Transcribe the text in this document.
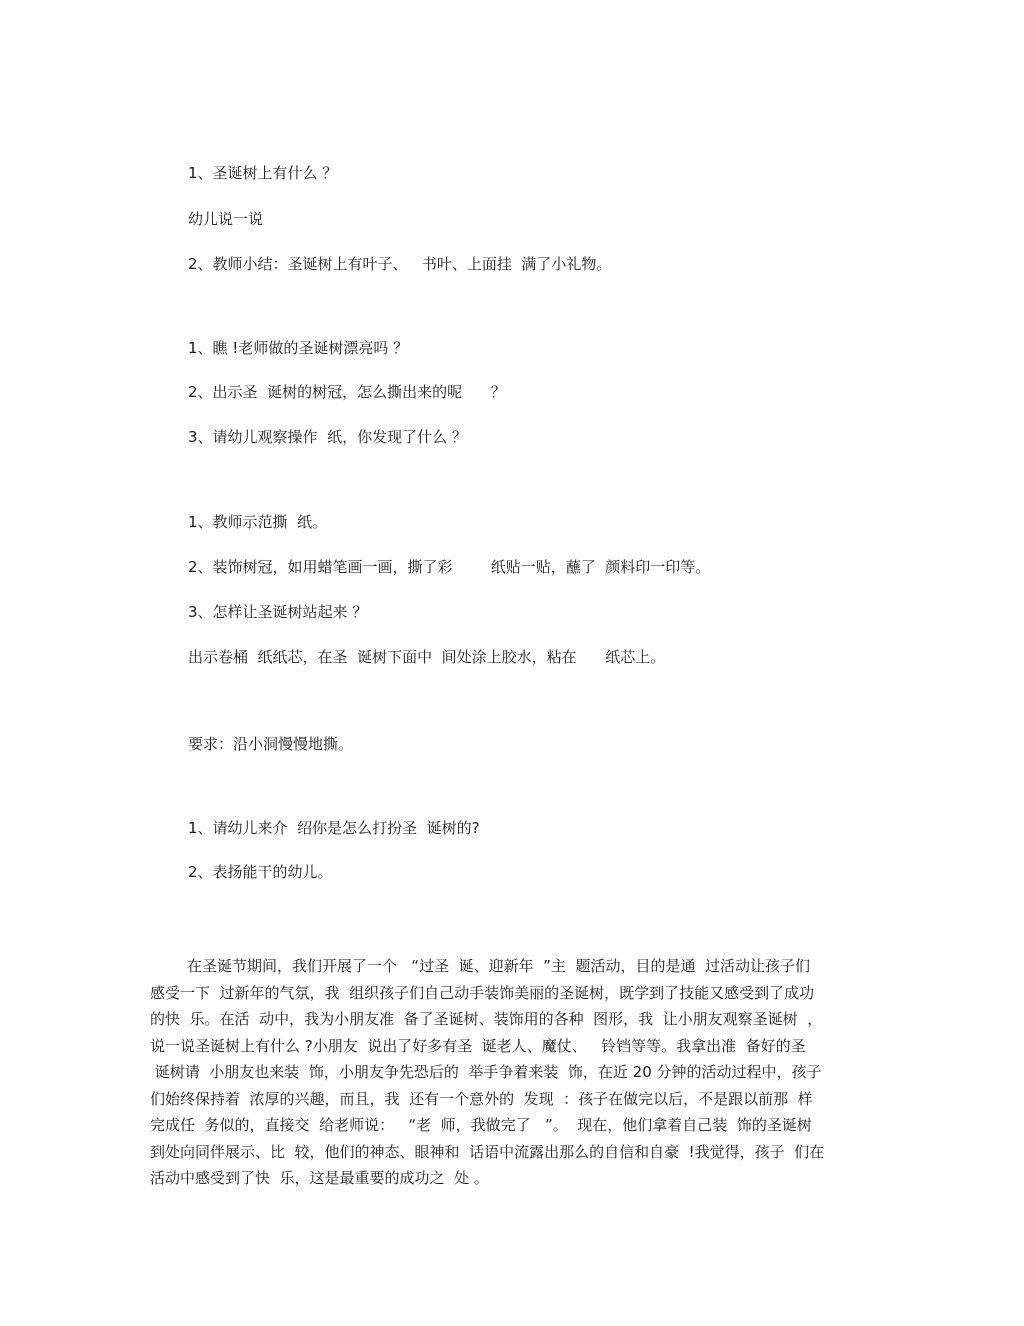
1、圣诞树上有什么 ？
幼儿说一说
2、教师小结：圣诞树上有叶子、   书叶、上面挂  满了小礼物。
1、瞧 !老师做的圣诞树漂亮吗 ？
2、出示圣  诞树的树冠，怎么撕出来的呢      ？
3、请幼儿观察操作  纸，你发现了什么 ？
1、教师示范撕  纸。
2、装饰树冠，如用蜡笔画一画，撕了彩        纸贴一贴，蘸了  颜料印一印等。
3、怎样让圣诞树站起来 ？
出示卷桶  纸纸芯，在圣  诞树下面中  间处涂上胶水，粘在      纸芯上。
要求：沿小洞慢慢地撕。
1、请幼儿来介  绍你是怎么打扮圣  诞树的?
2、表扬能干的幼儿。
在圣诞节期间，我们开展了一个   “过圣  诞、迎新年  ”主  题活动，目的是通  过活动让孩子们
感受一下  过新年的气氛，我  组织孩子们自己动手装饰美丽的圣诞树，既学到了技能又感受到了成功
的快  乐。在活  动中，我为小朋友准  备了圣诞树、装饰用的各种  图形，我  让小朋友观察圣诞树  ，
说一说圣诞树上有什么 ?小朋友  说出了好多有圣  诞老人、魔仗、   铃铛等等。我拿出准  备好的圣
诞树请  小朋友也来装  饰，小朋友争先恐后的  举手争着来装  饰，在近 20 分钟的活动过程中，孩子
们始终保持着  浓厚的兴趣，而且，我  还有一个意外的  发现  ：孩子在做完以后，不是跟以前那  样
完成任  务似的，直接交  给老师说：   “老  师，我做完了   ”。  现在，他们拿着自己装  饰的圣诞树
到处向同伴展示、比  较，他们的神态、眼神和  话语中流露出那么的自信和自豪  !我觉得，孩子  们在
活动中感受到了快  乐，这是最重要的成功之  处 。
